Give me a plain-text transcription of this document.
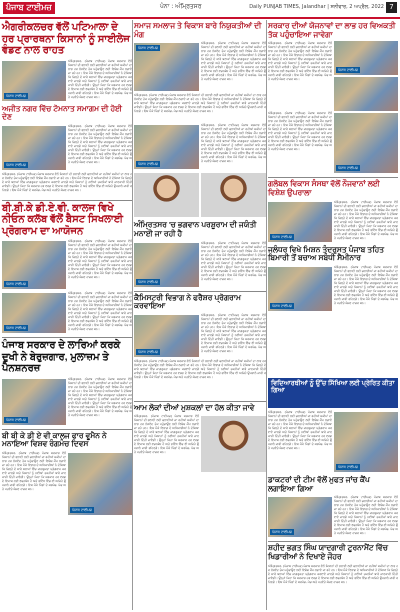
ਪੰਜਾਬ ਟਾਈਮਜ਼	ਪੰਨਾ : ਅੰਮ੍ਰਿਤਸਰ	Daily PUNJAB TIMES, Jalandhar | ਸ਼ਨੀਵਾਰ, 2 ਅਪ੍ਰੈਲ, 2022 7
ਐਗਰੀਕਲਚਰ ਵੱਲੋਂ ਪਟਿਆਲਾ ਦੇ ਹਰ ਪ੍ਰਾਰਥਨਾ ਕਿਸਾਨਾਂ ਨੂੰ ਸਾਈਲੇਜ ਵੰਡਣ ਨਾਲ ਰਾਹਤ
ਪੰਜਾਬ ਟਾਈਮਜ਼
ਅੰਮ੍ਰਿਤਸਰ, (ਪੰਜਾਬ ਟਾਈਮਜ਼) ਪੰਜਾਬ ਸਰਕਾਰ ਵੱਲੋਂ ਕਿਸਾਨਾਂ ਦੀ ਭਲਾਈ ਲਈ ਚਲਾਈਆਂ ਜਾ ਰਹੀਆਂ ਸਕੀਮਾਂ ਦਾ ਲਾਭ ਹਰ ਲੋੜਵੰਦ ਤੱਕ ਪਹੁੰਚਾਉਣ ਲਈ ਵਿਸ਼ੇਸ਼ ਕੈਂਪ ਲਗਾਏ ਜਾ ਰਹੇ ਹਨ। ਇਸ ਮੌਕੇ ਵਿਭਾਗ ਦੇ ਅਧਿਕਾਰੀਆਂ ਨੇ ਦੱਸਿਆ ਕਿ ਜ਼ਿਲ੍ਹੇ ਦੇ ਸਾਰੇ ਬਲਾਕਾਂ ਵਿੱਚ ਜਾਗਰੂਕਤਾ ਪ੍ਰੋਗਰਾਮ ਕਰਵਾਏ ਜਾਣਗੇ ਅਤੇ ਕਿਸਾਨਾਂ ਨੂੰ ਨਵੀਆਂ ਤਕਨੀਕਾਂ ਬਾਰੇ ਜਾਣਕਾਰੀ ਦਿੱਤੀ ਜਾਵੇਗੀ। ਉਨ੍ਹਾਂ ਕਿਹਾ ਕਿ ਸਰਕਾਰ ਹਰ ਵਰਗ ਦੇ ਵਿਕਾਸ ਲਈ ਵਚਨਬੱਧ ਹੈ ਅਤੇ ਭਵਿੱਖ ਵਿੱਚ ਵੀ ਅਜਿਹੇ ਉਪਰਾਲੇ ਜਾਰੀ ਰਹਿਣਗੇ। ਇਸ ਮੌਕੇ ਪਿੰਡਾਂ ਦੇ ਸਰਪੰਚ, ਪੰਚ ਅਤੇ ਪਤਵੰਤੇ ਸੱਜਣ ਹਾਜ਼ਰ ਸਨ।
ਅਜੀਤ ਨਗਰ ਵਿੱਚ ਟੋਮਨਾਤ ਸਮਾਗਮ ਦੀ ਹੋਈ ਦੇਣ
ਪੰਜਾਬ ਟਾਈਮਜ਼
ਅੰਮ੍ਰਿਤਸਰ, (ਪੰਜਾਬ ਟਾਈਮਜ਼) ਪੰਜਾਬ ਸਰਕਾਰ ਵੱਲੋਂ ਕਿਸਾਨਾਂ ਦੀ ਭਲਾਈ ਲਈ ਚਲਾਈਆਂ ਜਾ ਰਹੀਆਂ ਸਕੀਮਾਂ ਦਾ ਲਾਭ ਹਰ ਲੋੜਵੰਦ ਤੱਕ ਪਹੁੰਚਾਉਣ ਲਈ ਵਿਸ਼ੇਸ਼ ਕੈਂਪ ਲਗਾਏ ਜਾ ਰਹੇ ਹਨ। ਇਸ ਮੌਕੇ ਵਿਭਾਗ ਦੇ ਅਧਿਕਾਰੀਆਂ ਨੇ ਦੱਸਿਆ ਕਿ ਜ਼ਿਲ੍ਹੇ ਦੇ ਸਾਰੇ ਬਲਾਕਾਂ ਵਿੱਚ ਜਾਗਰੂਕਤਾ ਪ੍ਰੋਗਰਾਮ ਕਰਵਾਏ ਜਾਣਗੇ ਅਤੇ ਕਿਸਾਨਾਂ ਨੂੰ ਨਵੀਆਂ ਤਕਨੀਕਾਂ ਬਾਰੇ ਜਾਣਕਾਰੀ ਦਿੱਤੀ ਜਾਵੇਗੀ। ਉਨ੍ਹਾਂ ਕਿਹਾ ਕਿ ਸਰਕਾਰ ਹਰ ਵਰਗ ਦੇ ਵਿਕਾਸ ਲਈ ਵਚਨਬੱਧ ਹੈ ਅਤੇ ਭਵਿੱਖ ਵਿੱਚ ਵੀ ਅਜਿਹੇ ਉਪਰਾਲੇ ਜਾਰੀ ਰਹਿਣਗੇ। ਇਸ ਮੌਕੇ ਪਿੰਡਾਂ ਦੇ ਸਰਪੰਚ, ਪੰਚ ਅਤੇ ਪਤਵੰਤੇ ਸੱਜਣ ਹਾਜ਼ਰ ਸਨ।
ਅੰਮ੍ਰਿਤਸਰ, (ਪੰਜਾਬ ਟਾਈਮਜ਼) ਪੰਜਾਬ ਸਰਕਾਰ ਵੱਲੋਂ ਕਿਸਾਨਾਂ ਦੀ ਭਲਾਈ ਲਈ ਚਲਾਈਆਂ ਜਾ ਰਹੀਆਂ ਸਕੀਮਾਂ ਦਾ ਲਾਭ ਹਰ ਲੋੜਵੰਦ ਤੱਕ ਪਹੁੰਚਾਉਣ ਲਈ ਵਿਸ਼ੇਸ਼ ਕੈਂਪ ਲਗਾਏ ਜਾ ਰਹੇ ਹਨ। ਇਸ ਮੌਕੇ ਵਿਭਾਗ ਦੇ ਅਧਿਕਾਰੀਆਂ ਨੇ ਦੱਸਿਆ ਕਿ ਜ਼ਿਲ੍ਹੇ ਦੇ ਸਾਰੇ ਬਲਾਕਾਂ ਵਿੱਚ ਜਾਗਰੂਕਤਾ ਪ੍ਰੋਗਰਾਮ ਕਰਵਾਏ ਜਾਣਗੇ ਅਤੇ ਕਿਸਾਨਾਂ ਨੂੰ ਨਵੀਆਂ ਤਕਨੀਕਾਂ ਬਾਰੇ ਜਾਣਕਾਰੀ ਦਿੱਤੀ ਜਾਵੇਗੀ। ਉਨ੍ਹਾਂ ਕਿਹਾ ਕਿ ਸਰਕਾਰ ਹਰ ਵਰਗ ਦੇ ਵਿਕਾਸ ਲਈ ਵਚਨਬੱਧ ਹੈ ਅਤੇ ਭਵਿੱਖ ਵਿੱਚ ਵੀ ਅਜਿਹੇ ਉਪਰਾਲੇ ਜਾਰੀ ਰਹਿਣਗੇ। ਇਸ ਮੌਕੇ ਪਿੰਡਾਂ ਦੇ ਸਰਪੰਚ, ਪੰਚ ਅਤੇ ਪਤਵੰਤੇ ਸੱਜਣ ਹਾਜ਼ਰ ਸਨ।
ਬੀ.ਬੀ.ਕੇ ਡੀ.ਏ.ਵੀ. ਕਾਲਜ ਵਿਖੇ ਨੀਓਨ ਕਲੱਬ ਵੱਲੋਂ ਬੈਸਟ ਸਿਖਲਾਈ ਪ੍ਰੋਗਰਾਮ ਦਾ ਆਯੋਜਨ
ਪੰਜਾਬ ਟਾਈਮਜ਼
ਅੰਮ੍ਰਿਤਸਰ, (ਪੰਜਾਬ ਟਾਈਮਜ਼) ਪੰਜਾਬ ਸਰਕਾਰ ਵੱਲੋਂ ਕਿਸਾਨਾਂ ਦੀ ਭਲਾਈ ਲਈ ਚਲਾਈਆਂ ਜਾ ਰਹੀਆਂ ਸਕੀਮਾਂ ਦਾ ਲਾਭ ਹਰ ਲੋੜਵੰਦ ਤੱਕ ਪਹੁੰਚਾਉਣ ਲਈ ਵਿਸ਼ੇਸ਼ ਕੈਂਪ ਲਗਾਏ ਜਾ ਰਹੇ ਹਨ। ਇਸ ਮੌਕੇ ਵਿਭਾਗ ਦੇ ਅਧਿਕਾਰੀਆਂ ਨੇ ਦੱਸਿਆ ਕਿ ਜ਼ਿਲ੍ਹੇ ਦੇ ਸਾਰੇ ਬਲਾਕਾਂ ਵਿੱਚ ਜਾਗਰੂਕਤਾ ਪ੍ਰੋਗਰਾਮ ਕਰਵਾਏ ਜਾਣਗੇ ਅਤੇ ਕਿਸਾਨਾਂ ਨੂੰ ਨਵੀਆਂ ਤਕਨੀਕਾਂ ਬਾਰੇ ਜਾਣਕਾਰੀ ਦਿੱਤੀ ਜਾਵੇਗੀ। ਉਨ੍ਹਾਂ ਕਿਹਾ ਕਿ ਸਰਕਾਰ ਹਰ ਵਰਗ ਦੇ ਵਿਕਾਸ ਲਈ ਵਚਨਬੱਧ ਹੈ ਅਤੇ ਭਵਿੱਖ ਵਿੱਚ ਵੀ ਅਜਿਹੇ ਉਪਰਾਲੇ ਜਾਰੀ ਰਹਿਣਗੇ। ਇਸ ਮੌਕੇ ਪਿੰਡਾਂ ਦੇ ਸਰਪੰਚ, ਪੰਚ ਅਤੇ ਪਤਵੰਤੇ ਸੱਜਣ ਹਾਜ਼ਰ ਸਨ।
ਪੰਜਾਬ ਟਾਈਮਜ਼
ਅੰਮ੍ਰਿਤਸਰ, (ਪੰਜਾਬ ਟਾਈਮਜ਼) ਪੰਜਾਬ ਸਰਕਾਰ ਵੱਲੋਂ ਕਿਸਾਨਾਂ ਦੀ ਭਲਾਈ ਲਈ ਚਲਾਈਆਂ ਜਾ ਰਹੀਆਂ ਸਕੀਮਾਂ ਦਾ ਲਾਭ ਹਰ ਲੋੜਵੰਦ ਤੱਕ ਪਹੁੰਚਾਉਣ ਲਈ ਵਿਸ਼ੇਸ਼ ਕੈਂਪ ਲਗਾਏ ਜਾ ਰਹੇ ਹਨ। ਇਸ ਮੌਕੇ ਵਿਭਾਗ ਦੇ ਅਧਿਕਾਰੀਆਂ ਨੇ ਦੱਸਿਆ ਕਿ ਜ਼ਿਲ੍ਹੇ ਦੇ ਸਾਰੇ ਬਲਾਕਾਂ ਵਿੱਚ ਜਾਗਰੂਕਤਾ ਪ੍ਰੋਗਰਾਮ ਕਰਵਾਏ ਜਾਣਗੇ ਅਤੇ ਕਿਸਾਨਾਂ ਨੂੰ ਨਵੀਆਂ ਤਕਨੀਕਾਂ ਬਾਰੇ ਜਾਣਕਾਰੀ ਦਿੱਤੀ ਜਾਵੇਗੀ। ਉਨ੍ਹਾਂ ਕਿਹਾ ਕਿ ਸਰਕਾਰ ਹਰ ਵਰਗ ਦੇ ਵਿਕਾਸ ਲਈ ਵਚਨਬੱਧ ਹੈ ਅਤੇ ਭਵਿੱਖ ਵਿੱਚ ਵੀ ਅਜਿਹੇ ਉਪਰਾਲੇ ਜਾਰੀ ਰਹਿਣਗੇ। ਇਸ ਮੌਕੇ ਪਿੰਡਾਂ ਦੇ ਸਰਪੰਚ, ਪੰਚ ਅਤੇ ਪਤਵੰਤੇ ਸੱਜਣ ਹਾਜ਼ਰ ਸਨ।
ਪੰਜਾਬ ਸਰਕਾਰ ਦੇ ਲਾਰਿਆਂ ਕਰਕੇ ਦੁਖੀ ਨੇ ਬੇਰੁਜ਼ਗਾਰ, ਮੁਲਾਜ਼ਮ ਤੇ ਪੈਨਸ਼ਨਰਜ਼
ਪੰਜਾਬ ਟਾਈਮਜ਼
ਅੰਮ੍ਰਿਤਸਰ, (ਪੰਜਾਬ ਟਾਈਮਜ਼) ਪੰਜਾਬ ਸਰਕਾਰ ਵੱਲੋਂ ਕਿਸਾਨਾਂ ਦੀ ਭਲਾਈ ਲਈ ਚਲਾਈਆਂ ਜਾ ਰਹੀਆਂ ਸਕੀਮਾਂ ਦਾ ਲਾਭ ਹਰ ਲੋੜਵੰਦ ਤੱਕ ਪਹੁੰਚਾਉਣ ਲਈ ਵਿਸ਼ੇਸ਼ ਕੈਂਪ ਲਗਾਏ ਜਾ ਰਹੇ ਹਨ। ਇਸ ਮੌਕੇ ਵਿਭਾਗ ਦੇ ਅਧਿਕਾਰੀਆਂ ਨੇ ਦੱਸਿਆ ਕਿ ਜ਼ਿਲ੍ਹੇ ਦੇ ਸਾਰੇ ਬਲਾਕਾਂ ਵਿੱਚ ਜਾਗਰੂਕਤਾ ਪ੍ਰੋਗਰਾਮ ਕਰਵਾਏ ਜਾਣਗੇ ਅਤੇ ਕਿਸਾਨਾਂ ਨੂੰ ਨਵੀਆਂ ਤਕਨੀਕਾਂ ਬਾਰੇ ਜਾਣਕਾਰੀ ਦਿੱਤੀ ਜਾਵੇਗੀ। ਉਨ੍ਹਾਂ ਕਿਹਾ ਕਿ ਸਰਕਾਰ ਹਰ ਵਰਗ ਦੇ ਵਿਕਾਸ ਲਈ ਵਚਨਬੱਧ ਹੈ ਅਤੇ ਭਵਿੱਖ ਵਿੱਚ ਵੀ ਅਜਿਹੇ ਉਪਰਾਲੇ ਜਾਰੀ ਰਹਿਣਗੇ। ਇਸ ਮੌਕੇ ਪਿੰਡਾਂ ਦੇ ਸਰਪੰਚ, ਪੰਚ ਅਤੇ ਪਤਵੰਤੇ ਸੱਜਣ ਹਾਜ਼ਰ ਸਨ।
ਬੀ ਬੀ ਕੇ ਡੀ ਏ ਵੀ ਕਾਲਜ ਫਾਰ ਵੂਮੈਨ ਨੇ ਮਨਾਇਆ ਵਿਸ਼ਵ ਰੰਗਮੰਚ ਦਿਵਸ
ਅੰਮ੍ਰਿਤਸਰ, (ਪੰਜਾਬ ਟਾਈਮਜ਼) ਪੰਜਾਬ ਸਰਕਾਰ ਵੱਲੋਂ ਕਿਸਾਨਾਂ ਦੀ ਭਲਾਈ ਲਈ ਚਲਾਈਆਂ ਜਾ ਰਹੀਆਂ ਸਕੀਮਾਂ ਦਾ ਲਾਭ ਹਰ ਲੋੜਵੰਦ ਤੱਕ ਪਹੁੰਚਾਉਣ ਲਈ ਵਿਸ਼ੇਸ਼ ਕੈਂਪ ਲਗਾਏ ਜਾ ਰਹੇ ਹਨ। ਇਸ ਮੌਕੇ ਵਿਭਾਗ ਦੇ ਅਧਿਕਾਰੀਆਂ ਨੇ ਦੱਸਿਆ ਕਿ ਜ਼ਿਲ੍ਹੇ ਦੇ ਸਾਰੇ ਬਲਾਕਾਂ ਵਿੱਚ ਜਾਗਰੂਕਤਾ ਪ੍ਰੋਗਰਾਮ ਕਰਵਾਏ ਜਾਣਗੇ ਅਤੇ ਕਿਸਾਨਾਂ ਨੂੰ ਨਵੀਆਂ ਤਕਨੀਕਾਂ ਬਾਰੇ ਜਾਣਕਾਰੀ ਦਿੱਤੀ ਜਾਵੇਗੀ। ਉਨ੍ਹਾਂ ਕਿਹਾ ਕਿ ਸਰਕਾਰ ਹਰ ਵਰਗ ਦੇ ਵਿਕਾਸ ਲਈ ਵਚਨਬੱਧ ਹੈ ਅਤੇ ਭਵਿੱਖ ਵਿੱਚ ਵੀ ਅਜਿਹੇ ਉਪਰਾਲੇ ਜਾਰੀ ਰਹਿਣਗੇ। ਇਸ ਮੌਕੇ ਪਿੰਡਾਂ ਦੇ ਸਰਪੰਚ, ਪੰਚ ਅਤੇ ਪਤਵੰਤੇ ਸੱਜਣ ਹਾਜ਼ਰ ਸਨ।
ਪੰਜਾਬ ਟਾਈਮਜ਼
ਸਮਾਜ ਸਮਲਾਜ ਤੇ ਵਿਕਾਸ ਬਾਰੇ ਨਿਯੁਕਤੀਆਂ ਦੀ ਮੰਗ
ਪੰਜਾਬ ਟਾਈਮਜ਼
ਅੰਮ੍ਰਿਤਸਰ, (ਪੰਜਾਬ ਟਾਈਮਜ਼) ਪੰਜਾਬ ਸਰਕਾਰ ਵੱਲੋਂ ਕਿਸਾਨਾਂ ਦੀ ਭਲਾਈ ਲਈ ਚਲਾਈਆਂ ਜਾ ਰਹੀਆਂ ਸਕੀਮਾਂ ਦਾ ਲਾਭ ਹਰ ਲੋੜਵੰਦ ਤੱਕ ਪਹੁੰਚਾਉਣ ਲਈ ਵਿਸ਼ੇਸ਼ ਕੈਂਪ ਲਗਾਏ ਜਾ ਰਹੇ ਹਨ। ਇਸ ਮੌਕੇ ਵਿਭਾਗ ਦੇ ਅਧਿਕਾਰੀਆਂ ਨੇ ਦੱਸਿਆ ਕਿ ਜ਼ਿਲ੍ਹੇ ਦੇ ਸਾਰੇ ਬਲਾਕਾਂ ਵਿੱਚ ਜਾਗਰੂਕਤਾ ਪ੍ਰੋਗਰਾਮ ਕਰਵਾਏ ਜਾਣਗੇ ਅਤੇ ਕਿਸਾਨਾਂ ਨੂੰ ਨਵੀਆਂ ਤਕਨੀਕਾਂ ਬਾਰੇ ਜਾਣਕਾਰੀ ਦਿੱਤੀ ਜਾਵੇਗੀ। ਉਨ੍ਹਾਂ ਕਿਹਾ ਕਿ ਸਰਕਾਰ ਹਰ ਵਰਗ ਦੇ ਵਿਕਾਸ ਲਈ ਵਚਨਬੱਧ ਹੈ ਅਤੇ ਭਵਿੱਖ ਵਿੱਚ ਵੀ ਅਜਿਹੇ ਉਪਰਾਲੇ ਜਾਰੀ ਰਹਿਣਗੇ। ਇਸ ਮੌਕੇ ਪਿੰਡਾਂ ਦੇ ਸਰਪੰਚ, ਪੰਚ ਅਤੇ ਪਤਵੰਤੇ ਸੱਜਣ ਹਾਜ਼ਰ ਸਨ।
ਅੰਮ੍ਰਿਤਸਰ, (ਪੰਜਾਬ ਟਾਈਮਜ਼) ਪੰਜਾਬ ਸਰਕਾਰ ਵੱਲੋਂ ਕਿਸਾਨਾਂ ਦੀ ਭਲਾਈ ਲਈ ਚਲਾਈਆਂ ਜਾ ਰਹੀਆਂ ਸਕੀਮਾਂ ਦਾ ਲਾਭ ਹਰ ਲੋੜਵੰਦ ਤੱਕ ਪਹੁੰਚਾਉਣ ਲਈ ਵਿਸ਼ੇਸ਼ ਕੈਂਪ ਲਗਾਏ ਜਾ ਰਹੇ ਹਨ। ਇਸ ਮੌਕੇ ਵਿਭਾਗ ਦੇ ਅਧਿਕਾਰੀਆਂ ਨੇ ਦੱਸਿਆ ਕਿ ਜ਼ਿਲ੍ਹੇ ਦੇ ਸਾਰੇ ਬਲਾਕਾਂ ਵਿੱਚ ਜਾਗਰੂਕਤਾ ਪ੍ਰੋਗਰਾਮ ਕਰਵਾਏ ਜਾਣਗੇ ਅਤੇ ਕਿਸਾਨਾਂ ਨੂੰ ਨਵੀਆਂ ਤਕਨੀਕਾਂ ਬਾਰੇ ਜਾਣਕਾਰੀ ਦਿੱਤੀ ਜਾਵੇਗੀ। ਉਨ੍ਹਾਂ ਕਿਹਾ ਕਿ ਸਰਕਾਰ ਹਰ ਵਰਗ ਦੇ ਵਿਕਾਸ ਲਈ ਵਚਨਬੱਧ ਹੈ ਅਤੇ ਭਵਿੱਖ ਵਿੱਚ ਵੀ ਅਜਿਹੇ ਉਪਰਾਲੇ ਜਾਰੀ ਰਹਿਣਗੇ। ਇਸ ਮੌਕੇ ਪਿੰਡਾਂ ਦੇ ਸਰਪੰਚ, ਪੰਚ ਅਤੇ ਪਤਵੰਤੇ ਸੱਜਣ ਹਾਜ਼ਰ ਸਨ।
ਪੰਜਾਬ ਟਾਈਮਜ਼
ਅੰਮ੍ਰਿਤਸਰ, (ਪੰਜਾਬ ਟਾਈਮਜ਼) ਪੰਜਾਬ ਸਰਕਾਰ ਵੱਲੋਂ ਕਿਸਾਨਾਂ ਦੀ ਭਲਾਈ ਲਈ ਚਲਾਈਆਂ ਜਾ ਰਹੀਆਂ ਸਕੀਮਾਂ ਦਾ ਲਾਭ ਹਰ ਲੋੜਵੰਦ ਤੱਕ ਪਹੁੰਚਾਉਣ ਲਈ ਵਿਸ਼ੇਸ਼ ਕੈਂਪ ਲਗਾਏ ਜਾ ਰਹੇ ਹਨ। ਇਸ ਮੌਕੇ ਵਿਭਾਗ ਦੇ ਅਧਿਕਾਰੀਆਂ ਨੇ ਦੱਸਿਆ ਕਿ ਜ਼ਿਲ੍ਹੇ ਦੇ ਸਾਰੇ ਬਲਾਕਾਂ ਵਿੱਚ ਜਾਗਰੂਕਤਾ ਪ੍ਰੋਗਰਾਮ ਕਰਵਾਏ ਜਾਣਗੇ ਅਤੇ ਕਿਸਾਨਾਂ ਨੂੰ ਨਵੀਆਂ ਤਕਨੀਕਾਂ ਬਾਰੇ ਜਾਣਕਾਰੀ ਦਿੱਤੀ ਜਾਵੇਗੀ। ਉਨ੍ਹਾਂ ਕਿਹਾ ਕਿ ਸਰਕਾਰ ਹਰ ਵਰਗ ਦੇ ਵਿਕਾਸ ਲਈ ਵਚਨਬੱਧ ਹੈ ਅਤੇ ਭਵਿੱਖ ਵਿੱਚ ਵੀ ਅਜਿਹੇ ਉਪਰਾਲੇ ਜਾਰੀ ਰਹਿਣਗੇ। ਇਸ ਮੌਕੇ ਪਿੰਡਾਂ ਦੇ ਸਰਪੰਚ, ਪੰਚ ਅਤੇ ਪਤਵੰਤੇ ਸੱਜਣ ਹਾਜ਼ਰ ਸਨ।
ਅੰਮ੍ਰਿਤਸਰ 'ਚ ਭਗਵਾਨ ਪਰਸ਼ੂਰਾਮ ਦੀ ਜਯੰਤੀ ਮਨਾਈ ਜਾ ਰਹੀ ਹੈ
ਪੰਜਾਬ ਟਾਈਮਜ਼
ਅੰਮ੍ਰਿਤਸਰ, (ਪੰਜਾਬ ਟਾਈਮਜ਼) ਪੰਜਾਬ ਸਰਕਾਰ ਵੱਲੋਂ ਕਿਸਾਨਾਂ ਦੀ ਭਲਾਈ ਲਈ ਚਲਾਈਆਂ ਜਾ ਰਹੀਆਂ ਸਕੀਮਾਂ ਦਾ ਲਾਭ ਹਰ ਲੋੜਵੰਦ ਤੱਕ ਪਹੁੰਚਾਉਣ ਲਈ ਵਿਸ਼ੇਸ਼ ਕੈਂਪ ਲਗਾਏ ਜਾ ਰਹੇ ਹਨ। ਇਸ ਮੌਕੇ ਵਿਭਾਗ ਦੇ ਅਧਿਕਾਰੀਆਂ ਨੇ ਦੱਸਿਆ ਕਿ ਜ਼ਿਲ੍ਹੇ ਦੇ ਸਾਰੇ ਬਲਾਕਾਂ ਵਿੱਚ ਜਾਗਰੂਕਤਾ ਪ੍ਰੋਗਰਾਮ ਕਰਵਾਏ ਜਾਣਗੇ ਅਤੇ ਕਿਸਾਨਾਂ ਨੂੰ ਨਵੀਆਂ ਤਕਨੀਕਾਂ ਬਾਰੇ ਜਾਣਕਾਰੀ ਦਿੱਤੀ ਜਾਵੇਗੀ। ਉਨ੍ਹਾਂ ਕਿਹਾ ਕਿ ਸਰਕਾਰ ਹਰ ਵਰਗ ਦੇ ਵਿਕਾਸ ਲਈ ਵਚਨਬੱਧ ਹੈ ਅਤੇ ਭਵਿੱਖ ਵਿੱਚ ਵੀ ਅਜਿਹੇ ਉਪਰਾਲੇ ਜਾਰੀ ਰਹਿਣਗੇ। ਇਸ ਮੌਕੇ ਪਿੰਡਾਂ ਦੇ ਸਰਪੰਚ, ਪੰਚ ਅਤੇ ਪਤਵੰਤੇ ਸੱਜਣ ਹਾਜ਼ਰ ਸਨ।
ਕੈਮਿਸਟਰੀ ਵਿਭਾਗ ਨੇ ਫਰੈਸ਼ਰ ਪ੍ਰੋਗਰਾਮ ਕਰਵਾਇਆ
ਪੰਜਾਬ ਟਾਈਮਜ਼
ਅੰਮ੍ਰਿਤਸਰ, (ਪੰਜਾਬ ਟਾਈਮਜ਼) ਪੰਜਾਬ ਸਰਕਾਰ ਵੱਲੋਂ ਕਿਸਾਨਾਂ ਦੀ ਭਲਾਈ ਲਈ ਚਲਾਈਆਂ ਜਾ ਰਹੀਆਂ ਸਕੀਮਾਂ ਦਾ ਲਾਭ ਹਰ ਲੋੜਵੰਦ ਤੱਕ ਪਹੁੰਚਾਉਣ ਲਈ ਵਿਸ਼ੇਸ਼ ਕੈਂਪ ਲਗਾਏ ਜਾ ਰਹੇ ਹਨ। ਇਸ ਮੌਕੇ ਵਿਭਾਗ ਦੇ ਅਧਿਕਾਰੀਆਂ ਨੇ ਦੱਸਿਆ ਕਿ ਜ਼ਿਲ੍ਹੇ ਦੇ ਸਾਰੇ ਬਲਾਕਾਂ ਵਿੱਚ ਜਾਗਰੂਕਤਾ ਪ੍ਰੋਗਰਾਮ ਕਰਵਾਏ ਜਾਣਗੇ ਅਤੇ ਕਿਸਾਨਾਂ ਨੂੰ ਨਵੀਆਂ ਤਕਨੀਕਾਂ ਬਾਰੇ ਜਾਣਕਾਰੀ ਦਿੱਤੀ ਜਾਵੇਗੀ। ਉਨ੍ਹਾਂ ਕਿਹਾ ਕਿ ਸਰਕਾਰ ਹਰ ਵਰਗ ਦੇ ਵਿਕਾਸ ਲਈ ਵਚਨਬੱਧ ਹੈ ਅਤੇ ਭਵਿੱਖ ਵਿੱਚ ਵੀ ਅਜਿਹੇ ਉਪਰਾਲੇ ਜਾਰੀ ਰਹਿਣਗੇ। ਇਸ ਮੌਕੇ ਪਿੰਡਾਂ ਦੇ ਸਰਪੰਚ, ਪੰਚ ਅਤੇ ਪਤਵੰਤੇ ਸੱਜਣ ਹਾਜ਼ਰ ਸਨ।
ਅੰਮ੍ਰਿਤਸਰ, (ਪੰਜਾਬ ਟਾਈਮਜ਼) ਪੰਜਾਬ ਸਰਕਾਰ ਵੱਲੋਂ ਕਿਸਾਨਾਂ ਦੀ ਭਲਾਈ ਲਈ ਚਲਾਈਆਂ ਜਾ ਰਹੀਆਂ ਸਕੀਮਾਂ ਦਾ ਲਾਭ ਹਰ ਲੋੜਵੰਦ ਤੱਕ ਪਹੁੰਚਾਉਣ ਲਈ ਵਿਸ਼ੇਸ਼ ਕੈਂਪ ਲਗਾਏ ਜਾ ਰਹੇ ਹਨ। ਇਸ ਮੌਕੇ ਵਿਭਾਗ ਦੇ ਅਧਿਕਾਰੀਆਂ ਨੇ ਦੱਸਿਆ ਕਿ ਜ਼ਿਲ੍ਹੇ ਦੇ ਸਾਰੇ ਬਲਾਕਾਂ ਵਿੱਚ ਜਾਗਰੂਕਤਾ ਪ੍ਰੋਗਰਾਮ ਕਰਵਾਏ ਜਾਣਗੇ ਅਤੇ ਕਿਸਾਨਾਂ ਨੂੰ ਨਵੀਆਂ ਤਕਨੀਕਾਂ ਬਾਰੇ ਜਾਣਕਾਰੀ ਦਿੱਤੀ ਜਾਵੇਗੀ। ਉਨ੍ਹਾਂ ਕਿਹਾ ਕਿ ਸਰਕਾਰ ਹਰ ਵਰਗ ਦੇ ਵਿਕਾਸ ਲਈ ਵਚਨਬੱਧ ਹੈ ਅਤੇ ਭਵਿੱਖ ਵਿੱਚ ਵੀ ਅਜਿਹੇ ਉਪਰਾਲੇ ਜਾਰੀ ਰਹਿਣਗੇ। ਇਸ ਮੌਕੇ ਪਿੰਡਾਂ ਦੇ ਸਰਪੰਚ, ਪੰਚ ਅਤੇ ਪਤਵੰਤੇ ਸੱਜਣ ਹਾਜ਼ਰ ਸਨ।
ਆਮ ਲੋਕਾਂ ਦੀਆਂ ਮੁਸ਼ਕਲਾਂ ਦਾ ਹੱਲ ਕੀਤਾ ਜਾਵੇ
ਅੰਮ੍ਰਿਤਸਰ, (ਪੰਜਾਬ ਟਾਈਮਜ਼) ਪੰਜਾਬ ਸਰਕਾਰ ਵੱਲੋਂ ਕਿਸਾਨਾਂ ਦੀ ਭਲਾਈ ਲਈ ਚਲਾਈਆਂ ਜਾ ਰਹੀਆਂ ਸਕੀਮਾਂ ਦਾ ਲਾਭ ਹਰ ਲੋੜਵੰਦ ਤੱਕ ਪਹੁੰਚਾਉਣ ਲਈ ਵਿਸ਼ੇਸ਼ ਕੈਂਪ ਲਗਾਏ ਜਾ ਰਹੇ ਹਨ। ਇਸ ਮੌਕੇ ਵਿਭਾਗ ਦੇ ਅਧਿਕਾਰੀਆਂ ਨੇ ਦੱਸਿਆ ਕਿ ਜ਼ਿਲ੍ਹੇ ਦੇ ਸਾਰੇ ਬਲਾਕਾਂ ਵਿੱਚ ਜਾਗਰੂਕਤਾ ਪ੍ਰੋਗਰਾਮ ਕਰਵਾਏ ਜਾਣਗੇ ਅਤੇ ਕਿਸਾਨਾਂ ਨੂੰ ਨਵੀਆਂ ਤਕਨੀਕਾਂ ਬਾਰੇ ਜਾਣਕਾਰੀ ਦਿੱਤੀ ਜਾਵੇਗੀ। ਉਨ੍ਹਾਂ ਕਿਹਾ ਕਿ ਸਰਕਾਰ ਹਰ ਵਰਗ ਦੇ ਵਿਕਾਸ ਲਈ ਵਚਨਬੱਧ ਹੈ ਅਤੇ ਭਵਿੱਖ ਵਿੱਚ ਵੀ ਅਜਿਹੇ ਉਪਰਾਲੇ ਜਾਰੀ ਰਹਿਣਗੇ। ਇਸ ਮੌਕੇ ਪਿੰਡਾਂ ਦੇ ਸਰਪੰਚ, ਪੰਚ ਅਤੇ ਪਤਵੰਤੇ ਸੱਜਣ ਹਾਜ਼ਰ ਸਨ।
ਸਰਕਾਰ ਦੀਆਂ ਯੋਜਨਾਵਾਂ ਦਾ ਲਾਭ ਹਰ ਵਿਅਕਤੀ ਤੱਕ ਪਹੁੰਚਾਇਆ ਜਾਵੇਗਾ
ਅੰਮ੍ਰਿਤਸਰ, (ਪੰਜਾਬ ਟਾਈਮਜ਼) ਪੰਜਾਬ ਸਰਕਾਰ ਵੱਲੋਂ ਕਿਸਾਨਾਂ ਦੀ ਭਲਾਈ ਲਈ ਚਲਾਈਆਂ ਜਾ ਰਹੀਆਂ ਸਕੀਮਾਂ ਦਾ ਲਾਭ ਹਰ ਲੋੜਵੰਦ ਤੱਕ ਪਹੁੰਚਾਉਣ ਲਈ ਵਿਸ਼ੇਸ਼ ਕੈਂਪ ਲਗਾਏ ਜਾ ਰਹੇ ਹਨ। ਇਸ ਮੌਕੇ ਵਿਭਾਗ ਦੇ ਅਧਿਕਾਰੀਆਂ ਨੇ ਦੱਸਿਆ ਕਿ ਜ਼ਿਲ੍ਹੇ ਦੇ ਸਾਰੇ ਬਲਾਕਾਂ ਵਿੱਚ ਜਾਗਰੂਕਤਾ ਪ੍ਰੋਗਰਾਮ ਕਰਵਾਏ ਜਾਣਗੇ ਅਤੇ ਕਿਸਾਨਾਂ ਨੂੰ ਨਵੀਆਂ ਤਕਨੀਕਾਂ ਬਾਰੇ ਜਾਣਕਾਰੀ ਦਿੱਤੀ ਜਾਵੇਗੀ। ਉਨ੍ਹਾਂ ਕਿਹਾ ਕਿ ਸਰਕਾਰ ਹਰ ਵਰਗ ਦੇ ਵਿਕਾਸ ਲਈ ਵਚਨਬੱਧ ਹੈ ਅਤੇ ਭਵਿੱਖ ਵਿੱਚ ਵੀ ਅਜਿਹੇ ਉਪਰਾਲੇ ਜਾਰੀ ਰਹਿਣਗੇ। ਇਸ ਮੌਕੇ ਪਿੰਡਾਂ ਦੇ ਸਰਪੰਚ, ਪੰਚ ਅਤੇ ਪਤਵੰਤੇ ਸੱਜਣ ਹਾਜ਼ਰ ਸਨ।
ਪੰਜਾਬ ਟਾਈਮਜ਼
ਅੰਮ੍ਰਿਤਸਰ, (ਪੰਜਾਬ ਟਾਈਮਜ਼) ਪੰਜਾਬ ਸਰਕਾਰ ਵੱਲੋਂ ਕਿਸਾਨਾਂ ਦੀ ਭਲਾਈ ਲਈ ਚਲਾਈਆਂ ਜਾ ਰਹੀਆਂ ਸਕੀਮਾਂ ਦਾ ਲਾਭ ਹਰ ਲੋੜਵੰਦ ਤੱਕ ਪਹੁੰਚਾਉਣ ਲਈ ਵਿਸ਼ੇਸ਼ ਕੈਂਪ ਲਗਾਏ ਜਾ ਰਹੇ ਹਨ। ਇਸ ਮੌਕੇ ਵਿਭਾਗ ਦੇ ਅਧਿਕਾਰੀਆਂ ਨੇ ਦੱਸਿਆ ਕਿ ਜ਼ਿਲ੍ਹੇ ਦੇ ਸਾਰੇ ਬਲਾਕਾਂ ਵਿੱਚ ਜਾਗਰੂਕਤਾ ਪ੍ਰੋਗਰਾਮ ਕਰਵਾਏ ਜਾਣਗੇ ਅਤੇ ਕਿਸਾਨਾਂ ਨੂੰ ਨਵੀਆਂ ਤਕਨੀਕਾਂ ਬਾਰੇ ਜਾਣਕਾਰੀ ਦਿੱਤੀ ਜਾਵੇਗੀ। ਉਨ੍ਹਾਂ ਕਿਹਾ ਕਿ ਸਰਕਾਰ ਹਰ ਵਰਗ ਦੇ ਵਿਕਾਸ ਲਈ ਵਚਨਬੱਧ ਹੈ ਅਤੇ ਭਵਿੱਖ ਵਿੱਚ ਵੀ ਅਜਿਹੇ ਉਪਰਾਲੇ ਜਾਰੀ ਰਹਿਣਗੇ। ਇਸ ਮੌਕੇ ਪਿੰਡਾਂ ਦੇ ਸਰਪੰਚ, ਪੰਚ ਅਤੇ ਪਤਵੰਤੇ ਸੱਜਣ ਹਾਜ਼ਰ ਸਨ।
ਪੰਜਾਬ ਟਾਈਮਜ਼
ਗਲੋਬਲ ਵਿਕਾਸ ਸੰਸਥਾ ਵੱਲੋਂ ਨੌਜਵਾਨਾਂ ਲਈ ਵਿਸ਼ੇਸ਼ ਉਪਰਾਲਾ
ਪੰਜਾਬ ਟਾਈਮਜ਼
ਅੰਮ੍ਰਿਤਸਰ, (ਪੰਜਾਬ ਟਾਈਮਜ਼) ਪੰਜਾਬ ਸਰਕਾਰ ਵੱਲੋਂ ਕਿਸਾਨਾਂ ਦੀ ਭਲਾਈ ਲਈ ਚਲਾਈਆਂ ਜਾ ਰਹੀਆਂ ਸਕੀਮਾਂ ਦਾ ਲਾਭ ਹਰ ਲੋੜਵੰਦ ਤੱਕ ਪਹੁੰਚਾਉਣ ਲਈ ਵਿਸ਼ੇਸ਼ ਕੈਂਪ ਲਗਾਏ ਜਾ ਰਹੇ ਹਨ। ਇਸ ਮੌਕੇ ਵਿਭਾਗ ਦੇ ਅਧਿਕਾਰੀਆਂ ਨੇ ਦੱਸਿਆ ਕਿ ਜ਼ਿਲ੍ਹੇ ਦੇ ਸਾਰੇ ਬਲਾਕਾਂ ਵਿੱਚ ਜਾਗਰੂਕਤਾ ਪ੍ਰੋਗਰਾਮ ਕਰਵਾਏ ਜਾਣਗੇ ਅਤੇ ਕਿਸਾਨਾਂ ਨੂੰ ਨਵੀਆਂ ਤਕਨੀਕਾਂ ਬਾਰੇ ਜਾਣਕਾਰੀ ਦਿੱਤੀ ਜਾਵੇਗੀ। ਉਨ੍ਹਾਂ ਕਿਹਾ ਕਿ ਸਰਕਾਰ ਹਰ ਵਰਗ ਦੇ ਵਿਕਾਸ ਲਈ ਵਚਨਬੱਧ ਹੈ ਅਤੇ ਭਵਿੱਖ ਵਿੱਚ ਵੀ ਅਜਿਹੇ ਉਪਰਾਲੇ ਜਾਰੀ ਰਹਿਣਗੇ। ਇਸ ਮੌਕੇ ਪਿੰਡਾਂ ਦੇ ਸਰਪੰਚ, ਪੰਚ ਅਤੇ ਪਤਵੰਤੇ ਸੱਜਣ ਹਾਜ਼ਰ ਸਨ।
ਜਲੰਧਰ ਵਿਖੇ ਮਿਸ਼ਨ ਤੰਦਰੁਸਤ ਪੰਜਾਬ ਤਹਿਤ ਬਿਮਾਰੀ ਤੋਂ ਬਚਾਅ ਸਬੰਧੀ ਸੈਮੀਨਾਰ
ਪੰਜਾਬ ਟਾਈਮਜ਼
ਅੰਮ੍ਰਿਤਸਰ, (ਪੰਜਾਬ ਟਾਈਮਜ਼) ਪੰਜਾਬ ਸਰਕਾਰ ਵੱਲੋਂ ਕਿਸਾਨਾਂ ਦੀ ਭਲਾਈ ਲਈ ਚਲਾਈਆਂ ਜਾ ਰਹੀਆਂ ਸਕੀਮਾਂ ਦਾ ਲਾਭ ਹਰ ਲੋੜਵੰਦ ਤੱਕ ਪਹੁੰਚਾਉਣ ਲਈ ਵਿਸ਼ੇਸ਼ ਕੈਂਪ ਲਗਾਏ ਜਾ ਰਹੇ ਹਨ। ਇਸ ਮੌਕੇ ਵਿਭਾਗ ਦੇ ਅਧਿਕਾਰੀਆਂ ਨੇ ਦੱਸਿਆ ਕਿ ਜ਼ਿਲ੍ਹੇ ਦੇ ਸਾਰੇ ਬਲਾਕਾਂ ਵਿੱਚ ਜਾਗਰੂਕਤਾ ਪ੍ਰੋਗਰਾਮ ਕਰਵਾਏ ਜਾਣਗੇ ਅਤੇ ਕਿਸਾਨਾਂ ਨੂੰ ਨਵੀਆਂ ਤਕਨੀਕਾਂ ਬਾਰੇ ਜਾਣਕਾਰੀ ਦਿੱਤੀ ਜਾਵੇਗੀ। ਉਨ੍ਹਾਂ ਕਿਹਾ ਕਿ ਸਰਕਾਰ ਹਰ ਵਰਗ ਦੇ ਵਿਕਾਸ ਲਈ ਵਚਨਬੱਧ ਹੈ ਅਤੇ ਭਵਿੱਖ ਵਿੱਚ ਵੀ ਅਜਿਹੇ ਉਪਰਾਲੇ ਜਾਰੀ ਰਹਿਣਗੇ। ਇਸ ਮੌਕੇ ਪਿੰਡਾਂ ਦੇ ਸਰਪੰਚ, ਪੰਚ ਅਤੇ ਪਤਵੰਤੇ ਸੱਜਣ ਹਾਜ਼ਰ ਸਨ।
ਵਿਦਿਆਰਥੀਆਂ ਨੂੰ ਉੱਚ ਸਿੱਖਿਆ ਲਈ ਪ੍ਰੇਰਿਤ ਕੀਤਾ ਗਿਆ
ਅੰਮ੍ਰਿਤਸਰ, (ਪੰਜਾਬ ਟਾਈਮਜ਼) ਪੰਜਾਬ ਸਰਕਾਰ ਵੱਲੋਂ ਕਿਸਾਨਾਂ ਦੀ ਭਲਾਈ ਲਈ ਚਲਾਈਆਂ ਜਾ ਰਹੀਆਂ ਸਕੀਮਾਂ ਦਾ ਲਾਭ ਹਰ ਲੋੜਵੰਦ ਤੱਕ ਪਹੁੰਚਾਉਣ ਲਈ ਵਿਸ਼ੇਸ਼ ਕੈਂਪ ਲਗਾਏ ਜਾ ਰਹੇ ਹਨ। ਇਸ ਮੌਕੇ ਵਿਭਾਗ ਦੇ ਅਧਿਕਾਰੀਆਂ ਨੇ ਦੱਸਿਆ ਕਿ ਜ਼ਿਲ੍ਹੇ ਦੇ ਸਾਰੇ ਬਲਾਕਾਂ ਵਿੱਚ ਜਾਗਰੂਕਤਾ ਪ੍ਰੋਗਰਾਮ ਕਰਵਾਏ ਜਾਣਗੇ ਅਤੇ ਕਿਸਾਨਾਂ ਨੂੰ ਨਵੀਆਂ ਤਕਨੀਕਾਂ ਬਾਰੇ ਜਾਣਕਾਰੀ ਦਿੱਤੀ ਜਾਵੇਗੀ। ਉਨ੍ਹਾਂ ਕਿਹਾ ਕਿ ਸਰਕਾਰ ਹਰ ਵਰਗ ਦੇ ਵਿਕਾਸ ਲਈ ਵਚਨਬੱਧ ਹੈ ਅਤੇ ਭਵਿੱਖ ਵਿੱਚ ਵੀ ਅਜਿਹੇ ਉਪਰਾਲੇ ਜਾਰੀ ਰਹਿਣਗੇ। ਇਸ ਮੌਕੇ ਪਿੰਡਾਂ ਦੇ ਸਰਪੰਚ, ਪੰਚ ਅਤੇ ਪਤਵੰਤੇ ਸੱਜਣ ਹਾਜ਼ਰ ਸਨ।
ਪੰਜਾਬ ਟਾਈਮਜ਼
ਡਾਕਟਰਾਂ ਦੀ ਟੀਮ ਵੱਲੋਂ ਮੁਫਤ ਜਾਂਚ ਕੈਂਪ ਲਗਾਇਆ ਗਿਆ
ਪੰਜਾਬ ਟਾਈਮਜ਼
ਅੰਮ੍ਰਿਤਸਰ, (ਪੰਜਾਬ ਟਾਈਮਜ਼) ਪੰਜਾਬ ਸਰਕਾਰ ਵੱਲੋਂ ਕਿਸਾਨਾਂ ਦੀ ਭਲਾਈ ਲਈ ਚਲਾਈਆਂ ਜਾ ਰਹੀਆਂ ਸਕੀਮਾਂ ਦਾ ਲਾਭ ਹਰ ਲੋੜਵੰਦ ਤੱਕ ਪਹੁੰਚਾਉਣ ਲਈ ਵਿਸ਼ੇਸ਼ ਕੈਂਪ ਲਗਾਏ ਜਾ ਰਹੇ ਹਨ। ਇਸ ਮੌਕੇ ਵਿਭਾਗ ਦੇ ਅਧਿਕਾਰੀਆਂ ਨੇ ਦੱਸਿਆ ਕਿ ਜ਼ਿਲ੍ਹੇ ਦੇ ਸਾਰੇ ਬਲਾਕਾਂ ਵਿੱਚ ਜਾਗਰੂਕਤਾ ਪ੍ਰੋਗਰਾਮ ਕਰਵਾਏ ਜਾਣਗੇ ਅਤੇ ਕਿਸਾਨਾਂ ਨੂੰ ਨਵੀਆਂ ਤਕਨੀਕਾਂ ਬਾਰੇ ਜਾਣਕਾਰੀ ਦਿੱਤੀ ਜਾਵੇਗੀ। ਉਨ੍ਹਾਂ ਕਿਹਾ ਕਿ ਸਰਕਾਰ ਹਰ ਵਰਗ ਦੇ ਵਿਕਾਸ ਲਈ ਵਚਨਬੱਧ ਹੈ ਅਤੇ ਭਵਿੱਖ ਵਿੱਚ ਵੀ ਅਜਿਹੇ ਉਪਰਾਲੇ ਜਾਰੀ ਰਹਿਣਗੇ। ਇਸ ਮੌਕੇ ਪਿੰਡਾਂ ਦੇ ਸਰਪੰਚ, ਪੰਚ ਅਤੇ ਪਤਵੰਤੇ ਸੱਜਣ ਹਾਜ਼ਰ ਸਨ।
ਸ਼ਹੀਦ ਭਗਤ ਸਿੰਘ ਯਾਦਗਾਰੀ ਟੂਰਨਾਮੈਂਟ ਵਿੱਚ ਖਿਡਾਰੀਆਂ ਨੇ ਦਿਖਾਏ ਜੌਹਰ
ਅੰਮ੍ਰਿਤਸਰ, (ਪੰਜਾਬ ਟਾਈਮਜ਼) ਪੰਜਾਬ ਸਰਕਾਰ ਵੱਲੋਂ ਕਿਸਾਨਾਂ ਦੀ ਭਲਾਈ ਲਈ ਚਲਾਈਆਂ ਜਾ ਰਹੀਆਂ ਸਕੀਮਾਂ ਦਾ ਲਾਭ ਹਰ ਲੋੜਵੰਦ ਤੱਕ ਪਹੁੰਚਾਉਣ ਲਈ ਵਿਸ਼ੇਸ਼ ਕੈਂਪ ਲਗਾਏ ਜਾ ਰਹੇ ਹਨ। ਇਸ ਮੌਕੇ ਵਿਭਾਗ ਦੇ ਅਧਿਕਾਰੀਆਂ ਨੇ ਦੱਸਿਆ ਕਿ ਜ਼ਿਲ੍ਹੇ ਦੇ ਸਾਰੇ ਬਲਾਕਾਂ ਵਿੱਚ ਜਾਗਰੂਕਤਾ ਪ੍ਰੋਗਰਾਮ ਕਰਵਾਏ ਜਾਣਗੇ ਅਤੇ ਕਿਸਾਨਾਂ ਨੂੰ ਨਵੀਆਂ ਤਕਨੀਕਾਂ ਬਾਰੇ ਜਾਣਕਾਰੀ ਦਿੱਤੀ ਜਾਵੇਗੀ। ਉਨ੍ਹਾਂ ਕਿਹਾ ਕਿ ਸਰਕਾਰ ਹਰ ਵਰਗ ਦੇ ਵਿਕਾਸ ਲਈ ਵਚਨਬੱਧ ਹੈ ਅਤੇ ਭਵਿੱਖ ਵਿੱਚ ਵੀ ਅਜਿਹੇ ਉਪਰਾਲੇ ਜਾਰੀ ਰਹਿਣਗੇ। ਇਸ ਮੌਕੇ ਪਿੰਡਾਂ ਦੇ ਸਰਪੰਚ, ਪੰਚ ਅਤੇ ਪਤਵੰਤੇ ਸੱਜਣ ਹਾਜ਼ਰ ਸਨ।
